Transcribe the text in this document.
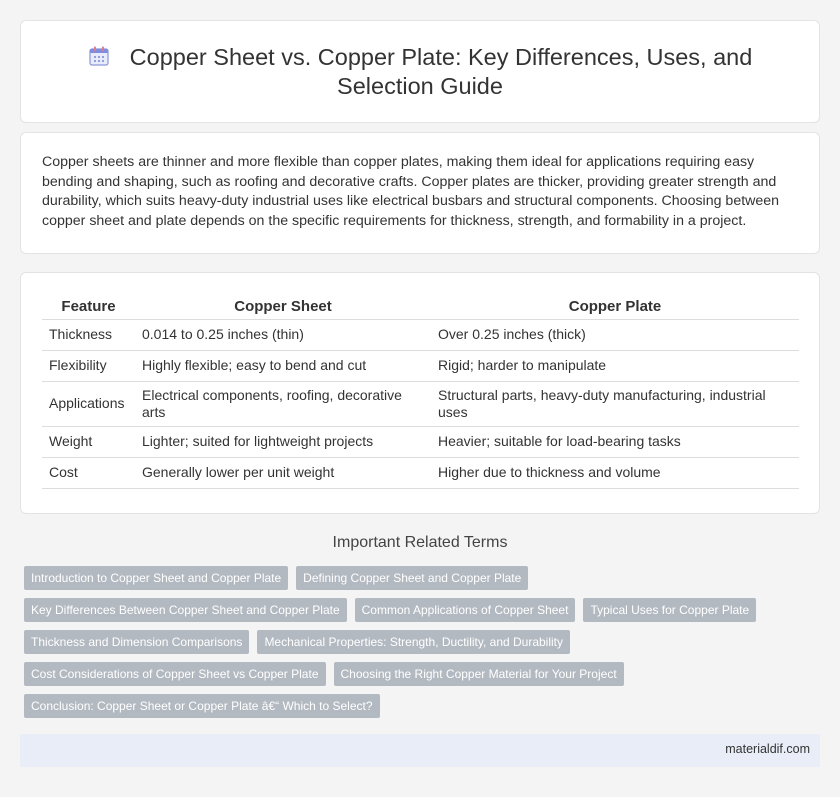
Copper Sheet vs. Copper Plate: Key Differences, Uses, and
Selection Guide

Copper sheets are thinner and more flexible than copper plates, making them ideal for applications requiring easy bending and shaping, such as roofing and decorative crafts. Copper plates are thicker, providing greater strength and durability, which suits heavy-duty industrial uses like electrical busbars and structural components. Choosing between copper sheet and plate depends on the specific requirements for thickness, strength, and formability in a project.

Feature	Copper Sheet	Copper Plate
Thickness	0.014 to 0.25 inches (thin)	Over 0.25 inches (thick)
Flexibility	Highly flexible; easy to bend and cut	Rigid; harder to manipulate
Applications	Electrical components, roofing, decorative arts	Structural parts, heavy-duty manufacturing, industrial uses
Weight	Lighter; suited for lightweight projects	Heavier; suitable for load-bearing tasks
Cost	Generally lower per unit weight	Higher due to thickness and volume
Important Related Terms
Introduction to Copper Sheet and Copper Plate	Defining Copper Sheet and Copper Plate
Key Differences Between Copper Sheet and Copper Plate	Common Applications of Copper Sheet	Typical Uses for Copper Plate
Thickness and Dimension Comparisons	Mechanical Properties: Strength, Ductility, and Durability
Cost Considerations of Copper Sheet vs Copper Plate	Choosing the Right Copper Material for Your Project
Conclusion: Copper Sheet or Copper Plate â€“ Which to Select?
materialdif.com
